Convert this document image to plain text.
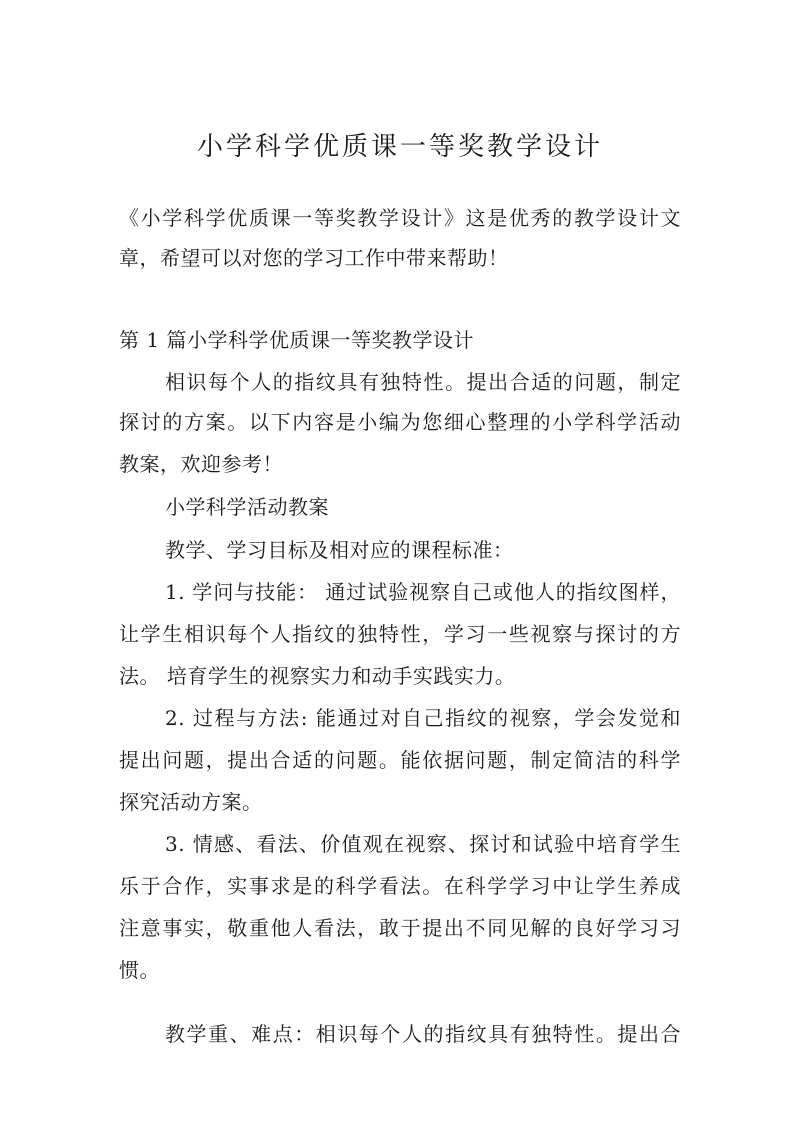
小学科学优质课一等奖教学设计
《小学科学优质课一等奖教学设计》这是优秀的教学设计文
章，希望可以对您的学习工作中带来帮助！
第 1 篇小学科学优质课一等奖教学设计
相识每个人的指纹具有独特性。提出合适的问题，制定
探讨的方案。以下内容是小编为您细心整理的小学科学活动
教案，欢迎参考！
小学科学活动教案
教学、学习目标及相对应的课程标准：
1. 学问与技能： 通过试验视察自己或他人的指纹图样，
让学生相识每个人指纹的独特性，学习一些视察与探讨的方
法。 培育学生的视察实力和动手实践实力。
2. 过程与方法: 能通过对自己指纹的视察，学会发觉和
提出问题，提出合适的问题。能依据问题，制定简洁的科学
探究活动方案。
3. 情感、看法、价值观在视察、探讨和试验中培育学生
乐于合作，实事求是的科学看法。在科学学习中让学生养成
注意事实，敬重他人看法，敢于提出不同见解的良好学习习
惯。
教学重、难点：相识每个人的指纹具有独特性。提出合
